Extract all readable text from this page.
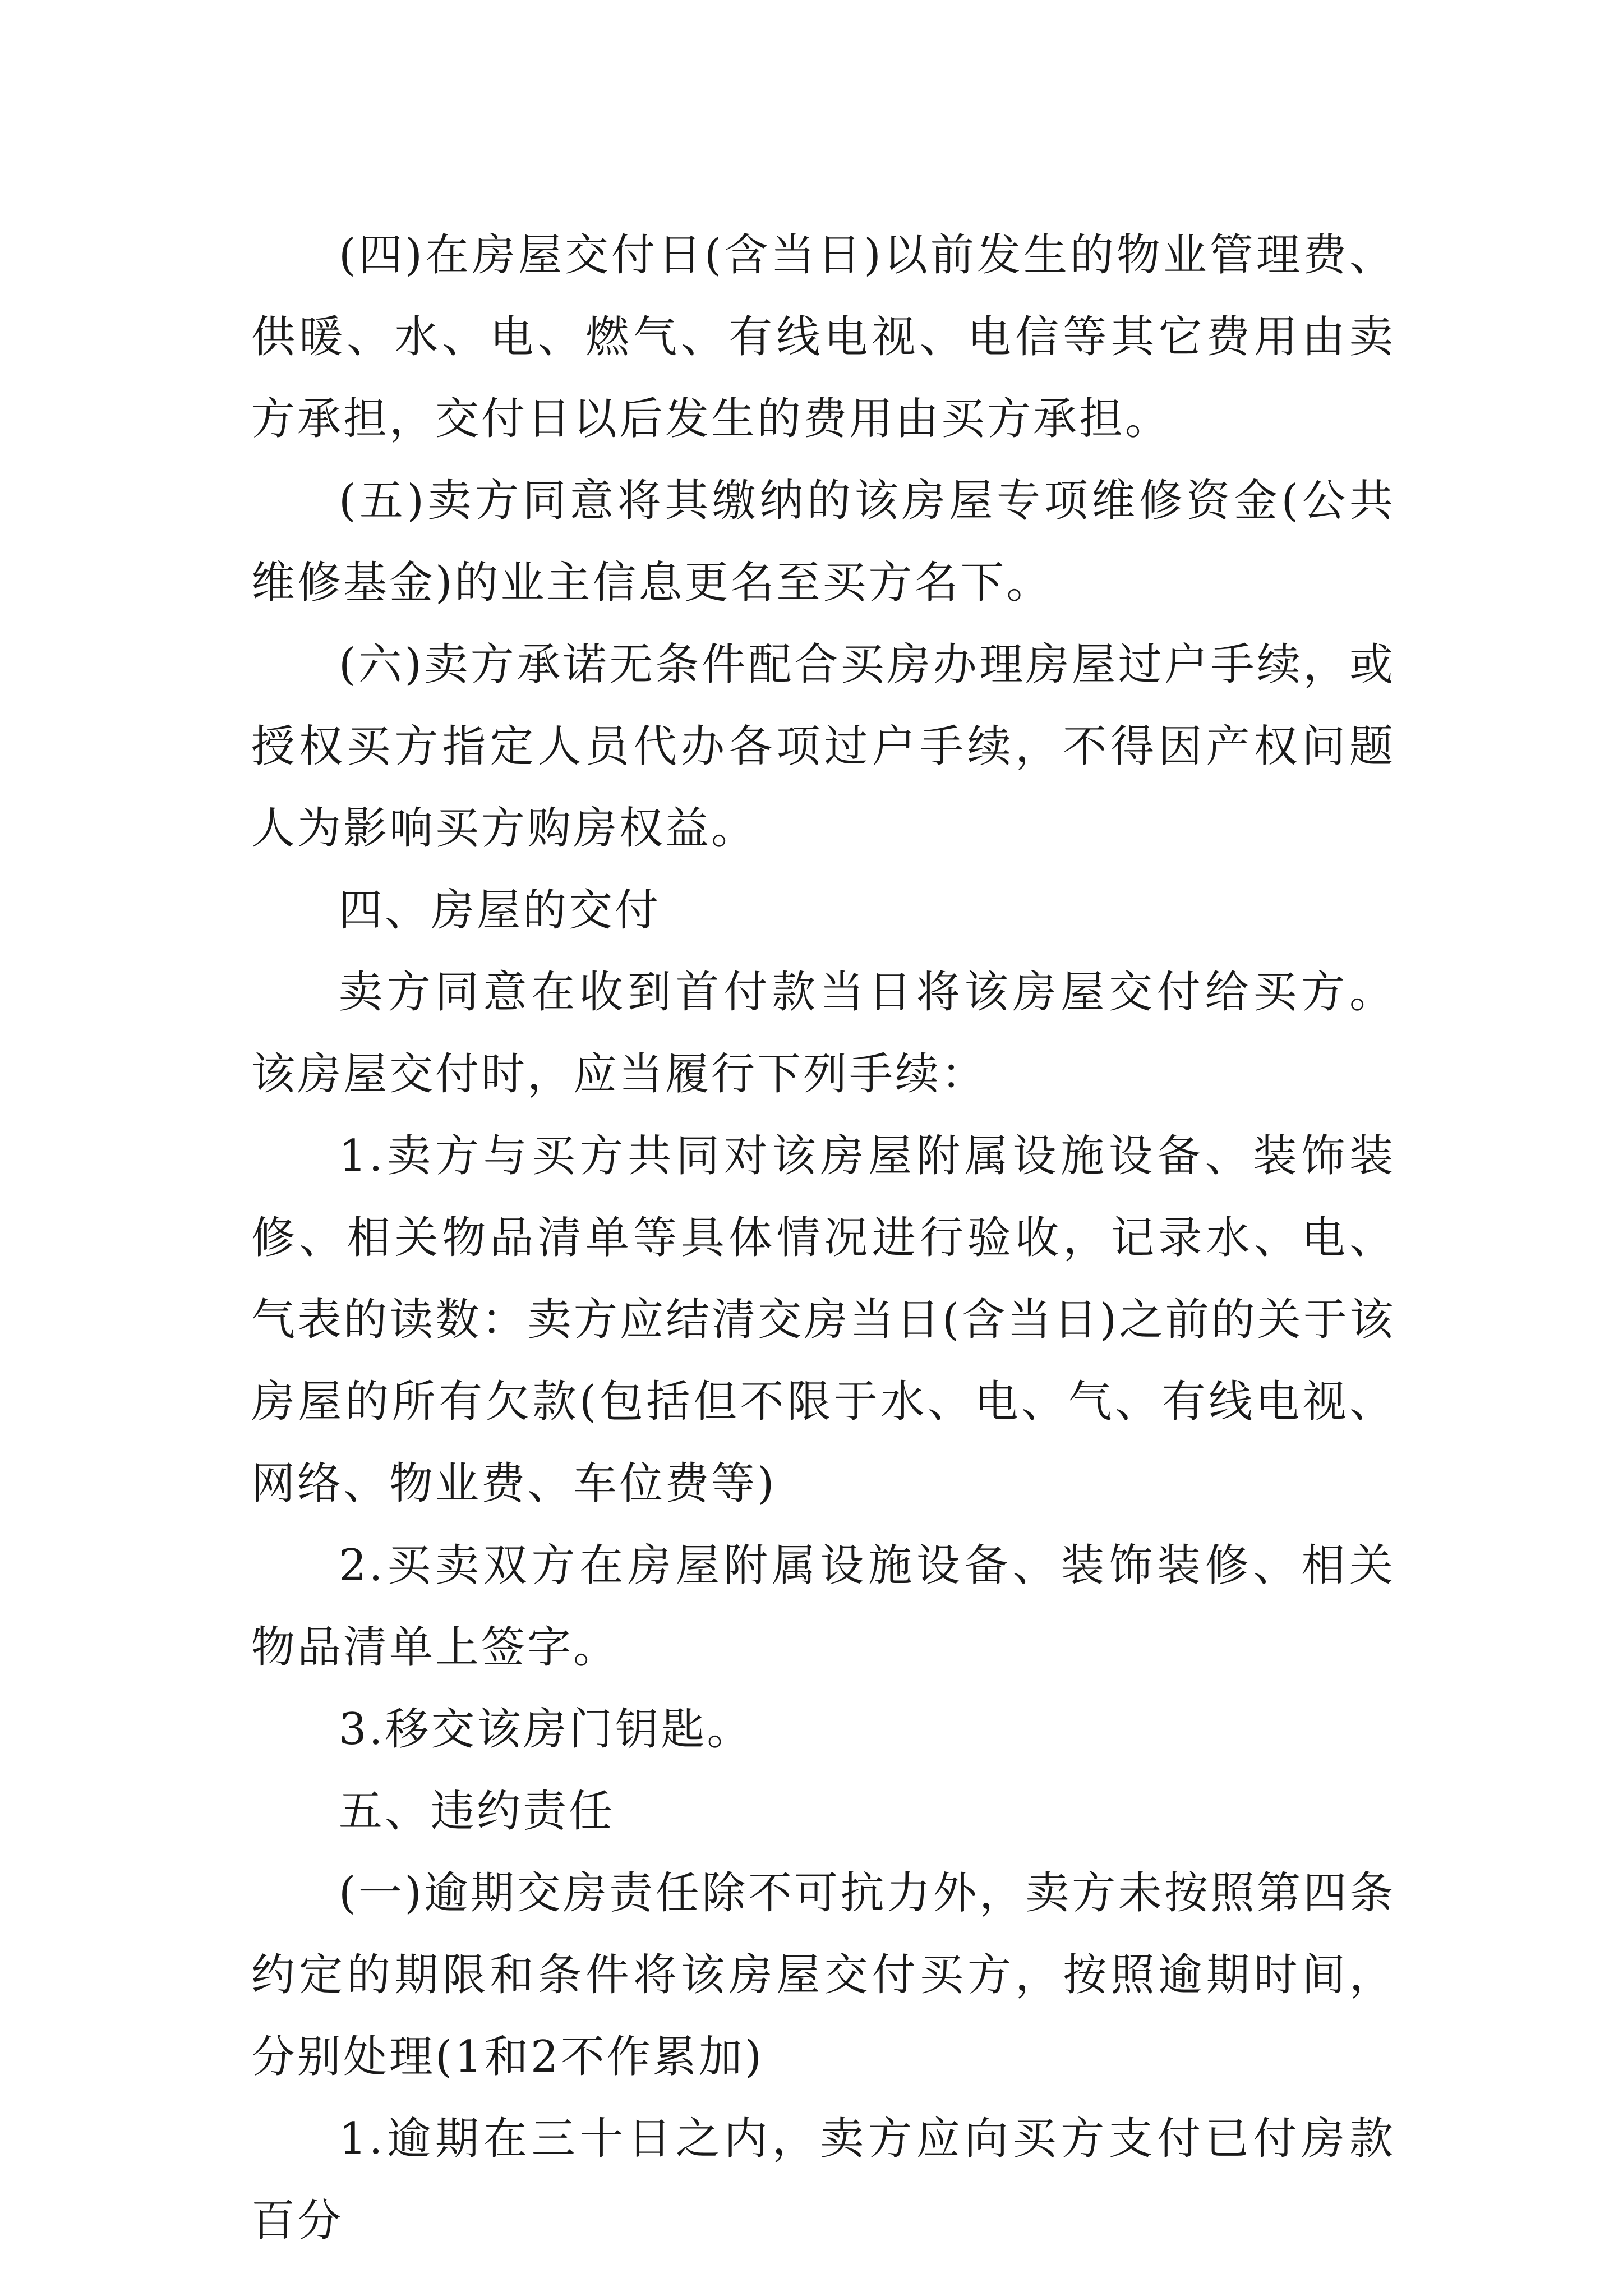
(四)在房屋交付日(含当日)以前发生的物业管理费、供暖、水、电、燃气、有线电视、电信等其它费用由卖方承担，交付日以后发生的费用由买方承担。

(五)卖方同意将其缴纳的该房屋专项维修资金(公共维修基金)的业主信息更名至买方名下。

(六)卖方承诺无条件配合买房办理房屋过户手续，或授权买方指定人员代办各项过户手续，不得因产权问题人为影响买方购房权益。

四、房屋的交付

卖方同意在收到首付款当日将该房屋交付给买方。该房屋交付时，应当履行下列手续：

1.卖方与买方共同对该房屋附属设施设备、装饰装修、相关物品清单等具体情况进行验收，记录水、电、气表的读数：卖方应结清交房当日(含当日)之前的关于该房屋的所有欠款(包括但不限于水、电、气、有线电视、网络、物业费、车位费等)

2.买卖双方在房屋附属设施设备、装饰装修、相关物品清单上签字。

3.移交该房门钥匙。

五、违约责任

(一)逾期交房责任除不可抗力外，卖方未按照第四条约定的期限和条件将该房屋交付买方，按照逾期时间，分别处理(1和2不作累加)

1.逾期在三十日之内，卖方应向买方支付已付房款百分
